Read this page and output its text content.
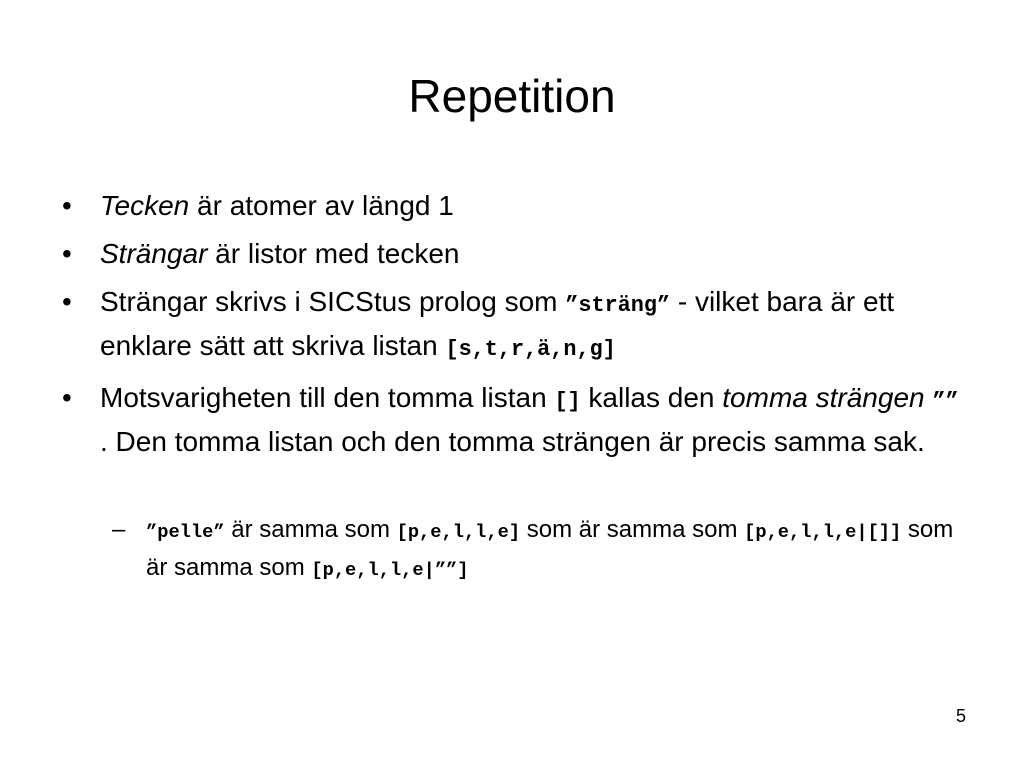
Repetition
• Tecken är atomer av längd 1
• Strängar är listor med tecken
• Strängar skrivs i SICStus prolog som ”sträng” - vilket bara är ett enklare sätt att skriva listan [s,t,r,ä,n,g]
• Motsvarigheten till den tomma listan [] kallas den tomma strängen ”” . Den tomma listan och den tomma strängen är precis samma sak.
– ”pelle” är samma som [p,e,l,l,e] som är samma som [p,e,l,l,e|[]] som är samma som [p,e,l,l,e|””]
5
